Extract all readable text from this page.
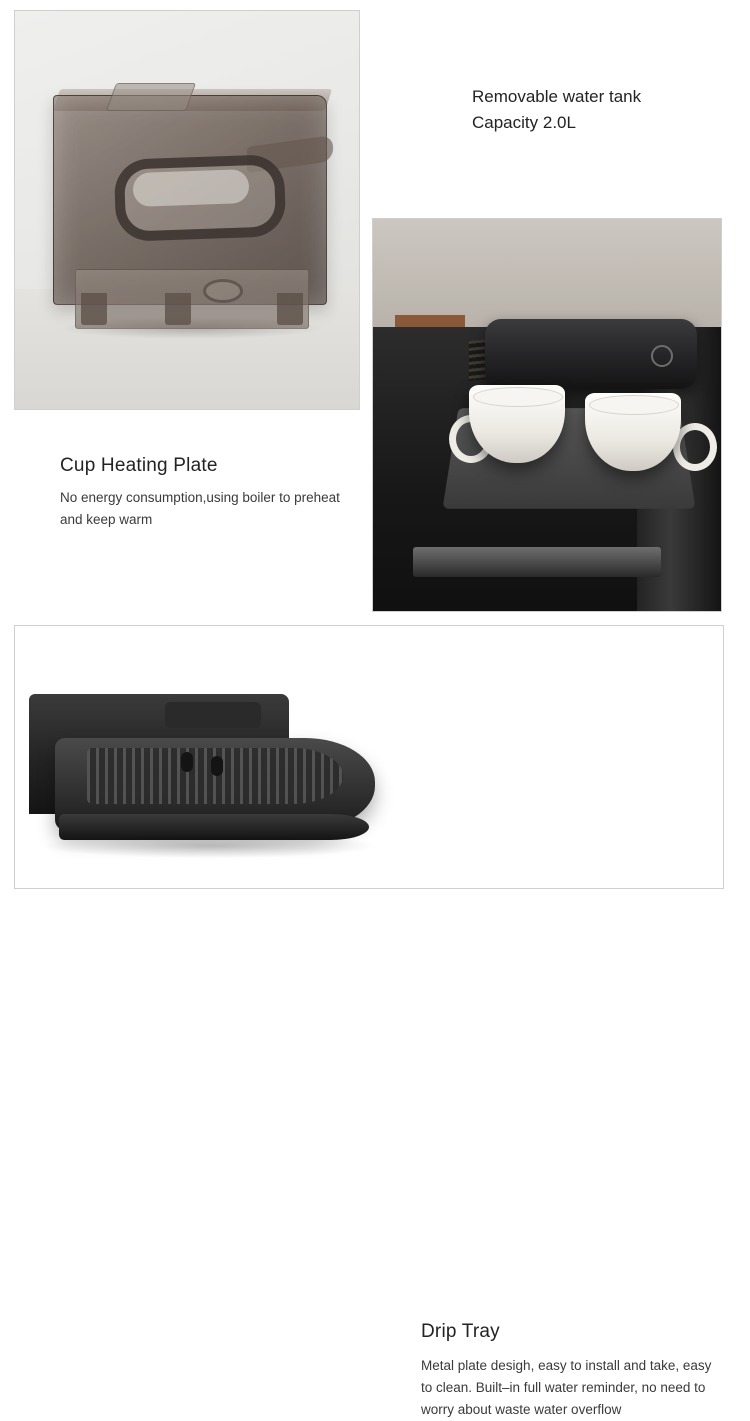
Removable water tank

Capacity 2.0L

Cup Heating Plate

No energy consumption,using boiler to preheat and keep warm

Drip Tray

Metal plate desigh, easy to install and take, easy to clean. Built–in full water reminder, no need to worry about waste water overflow
